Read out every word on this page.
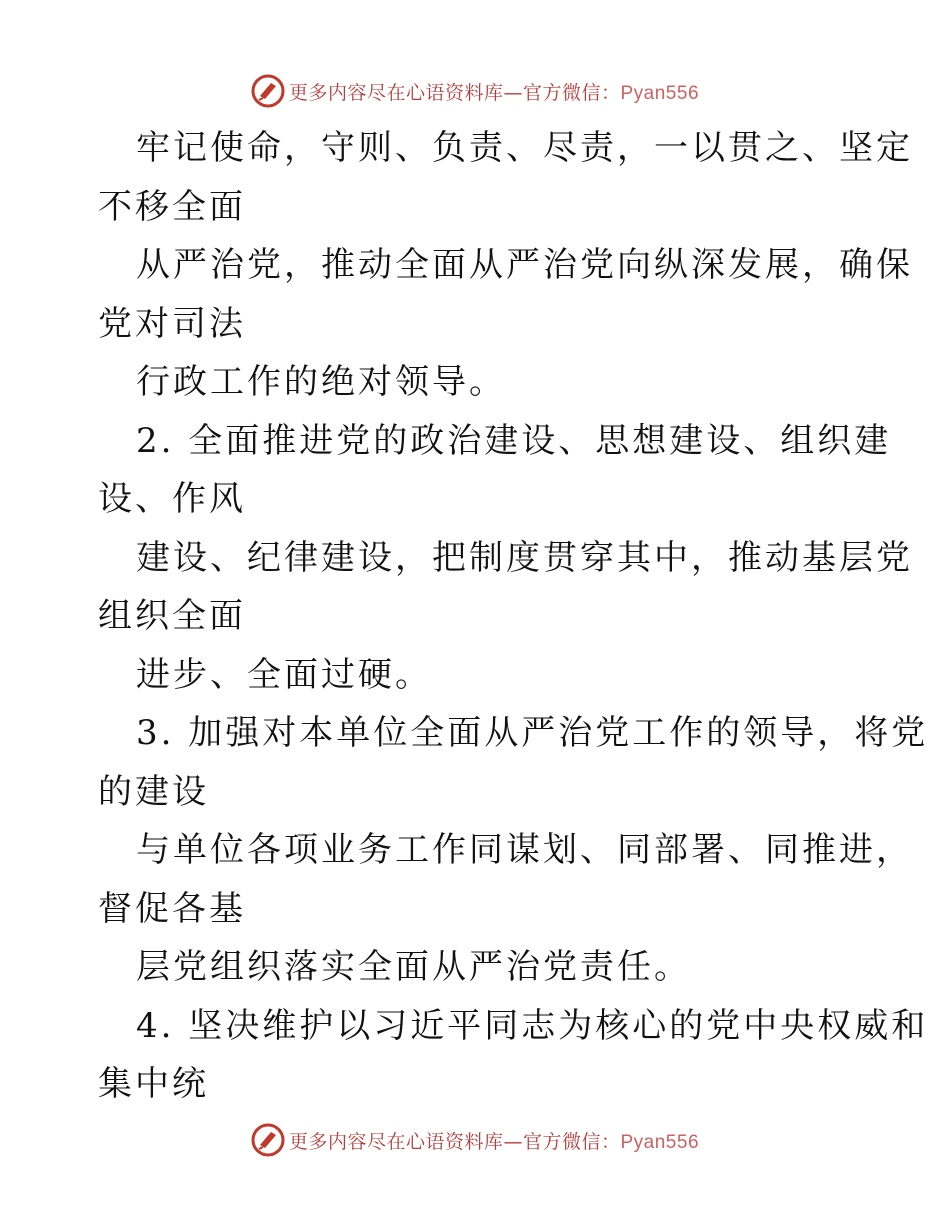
更多内容尽在心语资料库—官方微信：Pyan556
牢记使命，守则、负责、尽责，一以贯之、坚定
不移全面
从严治党，推动全面从严治党向纵深发展，确保
党对司法
行政工作的绝对领导。
2. 全面推进党的政治建设、思想建设、组织建
设、作风
建设、纪律建设，把制度贯穿其中，推动基层党
组织全面
进步、全面过硬。
3. 加强对本单位全面从严治党工作的领导，将党
的建设
与单位各项业务工作同谋划、同部署、同推进，
督促各基
层党组织落实全面从严治党责任。
4. 坚决维护以习近平同志为核心的党中央权威和
集中统
更多内容尽在心语资料库—官方微信：Pyan556
